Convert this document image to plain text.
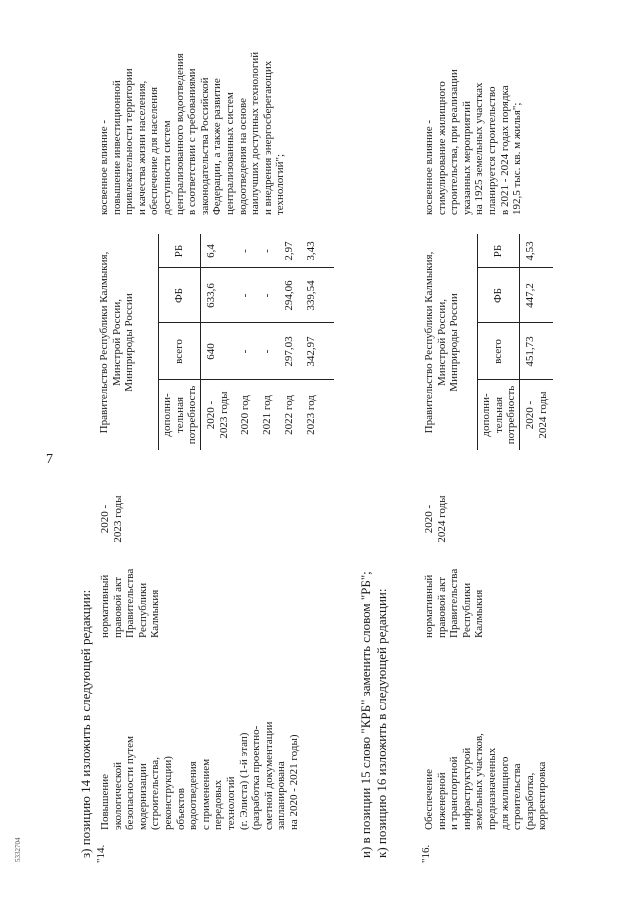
7
5332704	з) позицию 14 изложить в следующей редакции: "14.
Повышение экологической безопасности путем модернизации (строительства, реконструкции) объектов водоотведения с применением передовых технологий (г. Элиста) (1-й этап) (разработка проектно- сметной документации запланирована на 2020 - 2021 годы)
нормативный правовой акт Правительства Республики Калмыкия
2020 - 2023 годы
Правительство Республики Калмыкия, Минстрой России, Минприроды России
дополни- тельная потребность
всего
ФБ
РБ
2020 - 2023 годы
640
633,6
6,4
2020 год
-
-
-
2021 год
-
-
-
2022 год
297,03
294,06
2,97
2023 год
342,97
339,54
3,43
косвенное влияние - повышение инвестиционной привлекательности территории и качества жизни населения, обеспечение для населения доступности систем централизованного водоотведения в соответствии с требованиями законодательства Российской Федерации, а также развитие централизованных систем водоотведения на основе наилучших доступных технологий и внедрения энергосберегающих технологий";
и) в позиции 15 слово "КРБ" заменить словом "РБ"; к) позицию 16 изложить в следующей редакции:	"16.
Обеспечение инженерной и транспортной инфраструктурой земельных участков, предназначенных для жилищного строительства (разработка, корректировка
нормативный правовой акт Правительства Республики Калмыкия
2020 - 2024 годы
Правительство Республики Калмыкия, Минстрой России, Минприроды России
дополни- тельная потребность
всего
ФБ
РБ
2020 - 2024 годы
451,73
447,2
4,53
косвенное влияние - стимулирование жилищного строительства, при реализации указанных мероприятий на 1925 земельных участках планируется строительство в 2021 - 2024 годах порядка 192,5 тыс. кв. м жилья";
